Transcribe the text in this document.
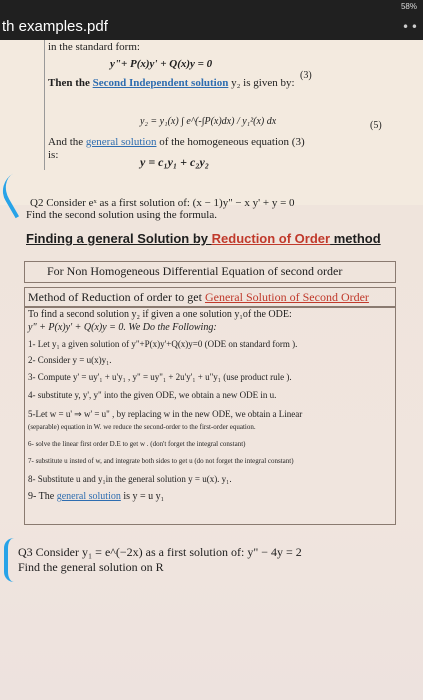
58%
th examples.pdf	• •
in the standard form:
y"+ P(x)y' + Q(x)y = 0
(3)
Then the Second Independent solution y₂ is given by:
y₂ = y₁(x) ∫ e^(-∫P(x)dx) / y₁²(x) dx	(5)
And the general solution of the homogeneous equation (3)
is:	y = c₁y₁ + c₂y₂
Q2 Consider eˣ as a first solution of: (x − 1)y" − x y' + y = 0
Find the second solution using the formula.
Finding a general Solution by Reduction of Order method
For Non Homogeneous Differential Equation of second order
Method of Reduction of order to get General Solution of Second Order
To find a second solution y₂ if given a one solution y₁of the ODE:
y" + P(x)y' + Q(x)y = 0. We Do the Following:
1- Let y₁ a given solution of y"+P(x)y'+Q(x)y=0 (ODE on standard form ).
2- Consider y = u(x)y₁.
3- Compute y' = uy'₁ + u'y₁ , y" = uy"₁ + 2u'y'₁ + u"y₁ (use product rule ).
4- substitute y, y', y" into the given ODE, we obtain a new ODE in u.
5-Let w = u' ⇒ w' = u" , by replacing w in the new ODE, we obtain a Linear
(separable) equation in W. we reduce the second-order to the first-order equation.
6- solve the linear first order D.E to get w . (don't forget the integral constant)
7- substitute u insted of w, and integrate both sides to get u (do not forget the integral constant)
8- Substitute u and y₁in the general solution y = u(x). y₁.
9- The general solution is y = u y₁
Q3 Consider y₁ = e^(−2x) as a first solution of: y" − 4y = 2
Find the general solution on R
